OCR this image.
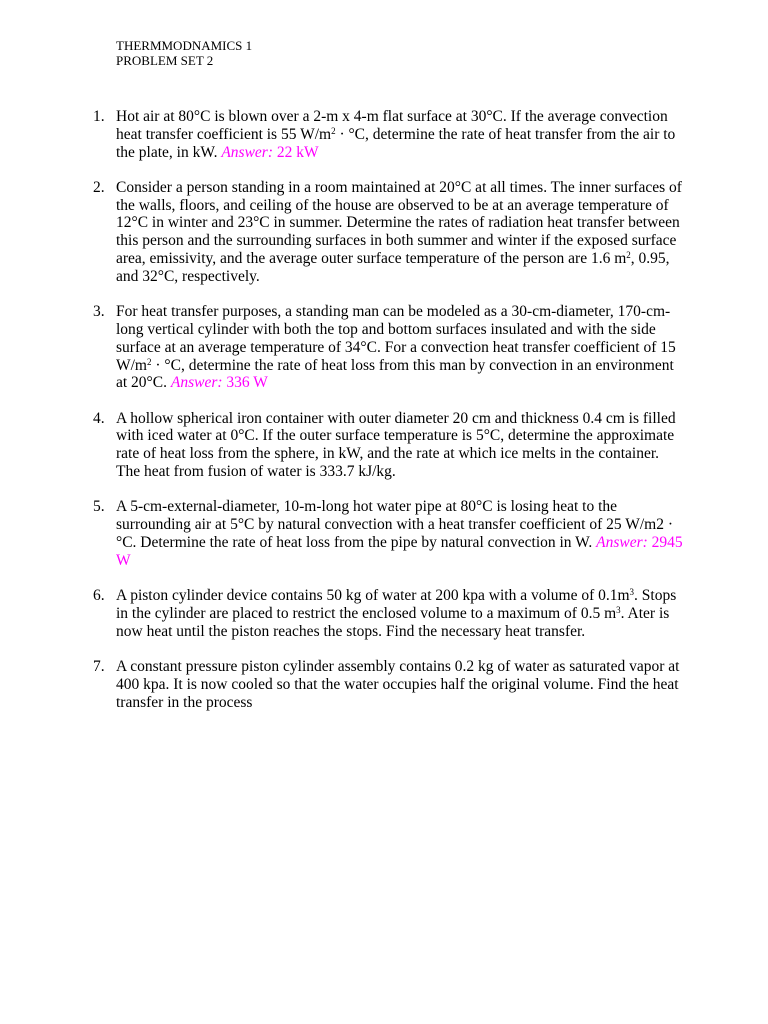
THERMMODNAMICS 1
PROBLEM SET 2
1. Hot air at 80°C is blown over a 2-m x 4-m flat surface at 30°C. If the average convection heat transfer coefficient is 55 $W/m^2 \cdot ^\circ C$, determine the rate of heat transfer from the air to the plate, in kW. Answer: 22 kW
2. Consider a person standing in a room maintained at 20°C at all times. The inner surfaces of the walls, floors, and ceiling of the house are observed to be at an average temperature of 12°C in winter and 23°C in summer. Determine the rates of radiation heat transfer between this person and the surrounding surfaces in both summer and winter if the exposed surface area, emissivity, and the average outer surface temperature of the person are 1.6 $m^2$, 0.95, and 32°C, respectively.
3. For heat transfer purposes, a standing man can be modeled as a 30-cm-diameter, 170-cm-long vertical cylinder with both the top and bottom surfaces insulated and with the side surface at an average temperature of 34°C. For a convection heat transfer coefficient of 15 $W/m^2 \cdot ^\circ C$, determine the rate of heat loss from this man by convection in an environment at 20°C. Answer: 336 W
4. A hollow spherical iron container with outer diameter 20 cm and thickness 0.4 cm is filled with iced water at 0°C. If the outer surface temperature is 5°C, determine the approximate rate of heat loss from the sphere, in kW, and the rate at which ice melts in the container. The heat from fusion of water is 333.7 kJ/kg.
5. A 5-cm-external-diameter, 10-m-long hot water pipe at 80°C is losing heat to the surrounding air at 5°C by natural convection with a heat transfer coefficient of 25 W/m2 · °C. Determine the rate of heat loss from the pipe by natural convection in W. Answer: 2945 W
6. A piston cylinder device contains 50 kg of water at 200 kpa with a volume of $0.1m^3$. Stops in the cylinder are placed to restrict the enclosed volume to a maximum of 0.5 $m^3$. Ater is now heat until the piston reaches the stops. Find the necessary heat transfer.
7. A constant pressure piston cylinder assembly contains 0.2 kg of water as saturated vapor at 400 kpa. It is now cooled so that the water occupies half the original volume. Find the heat transfer in the process
